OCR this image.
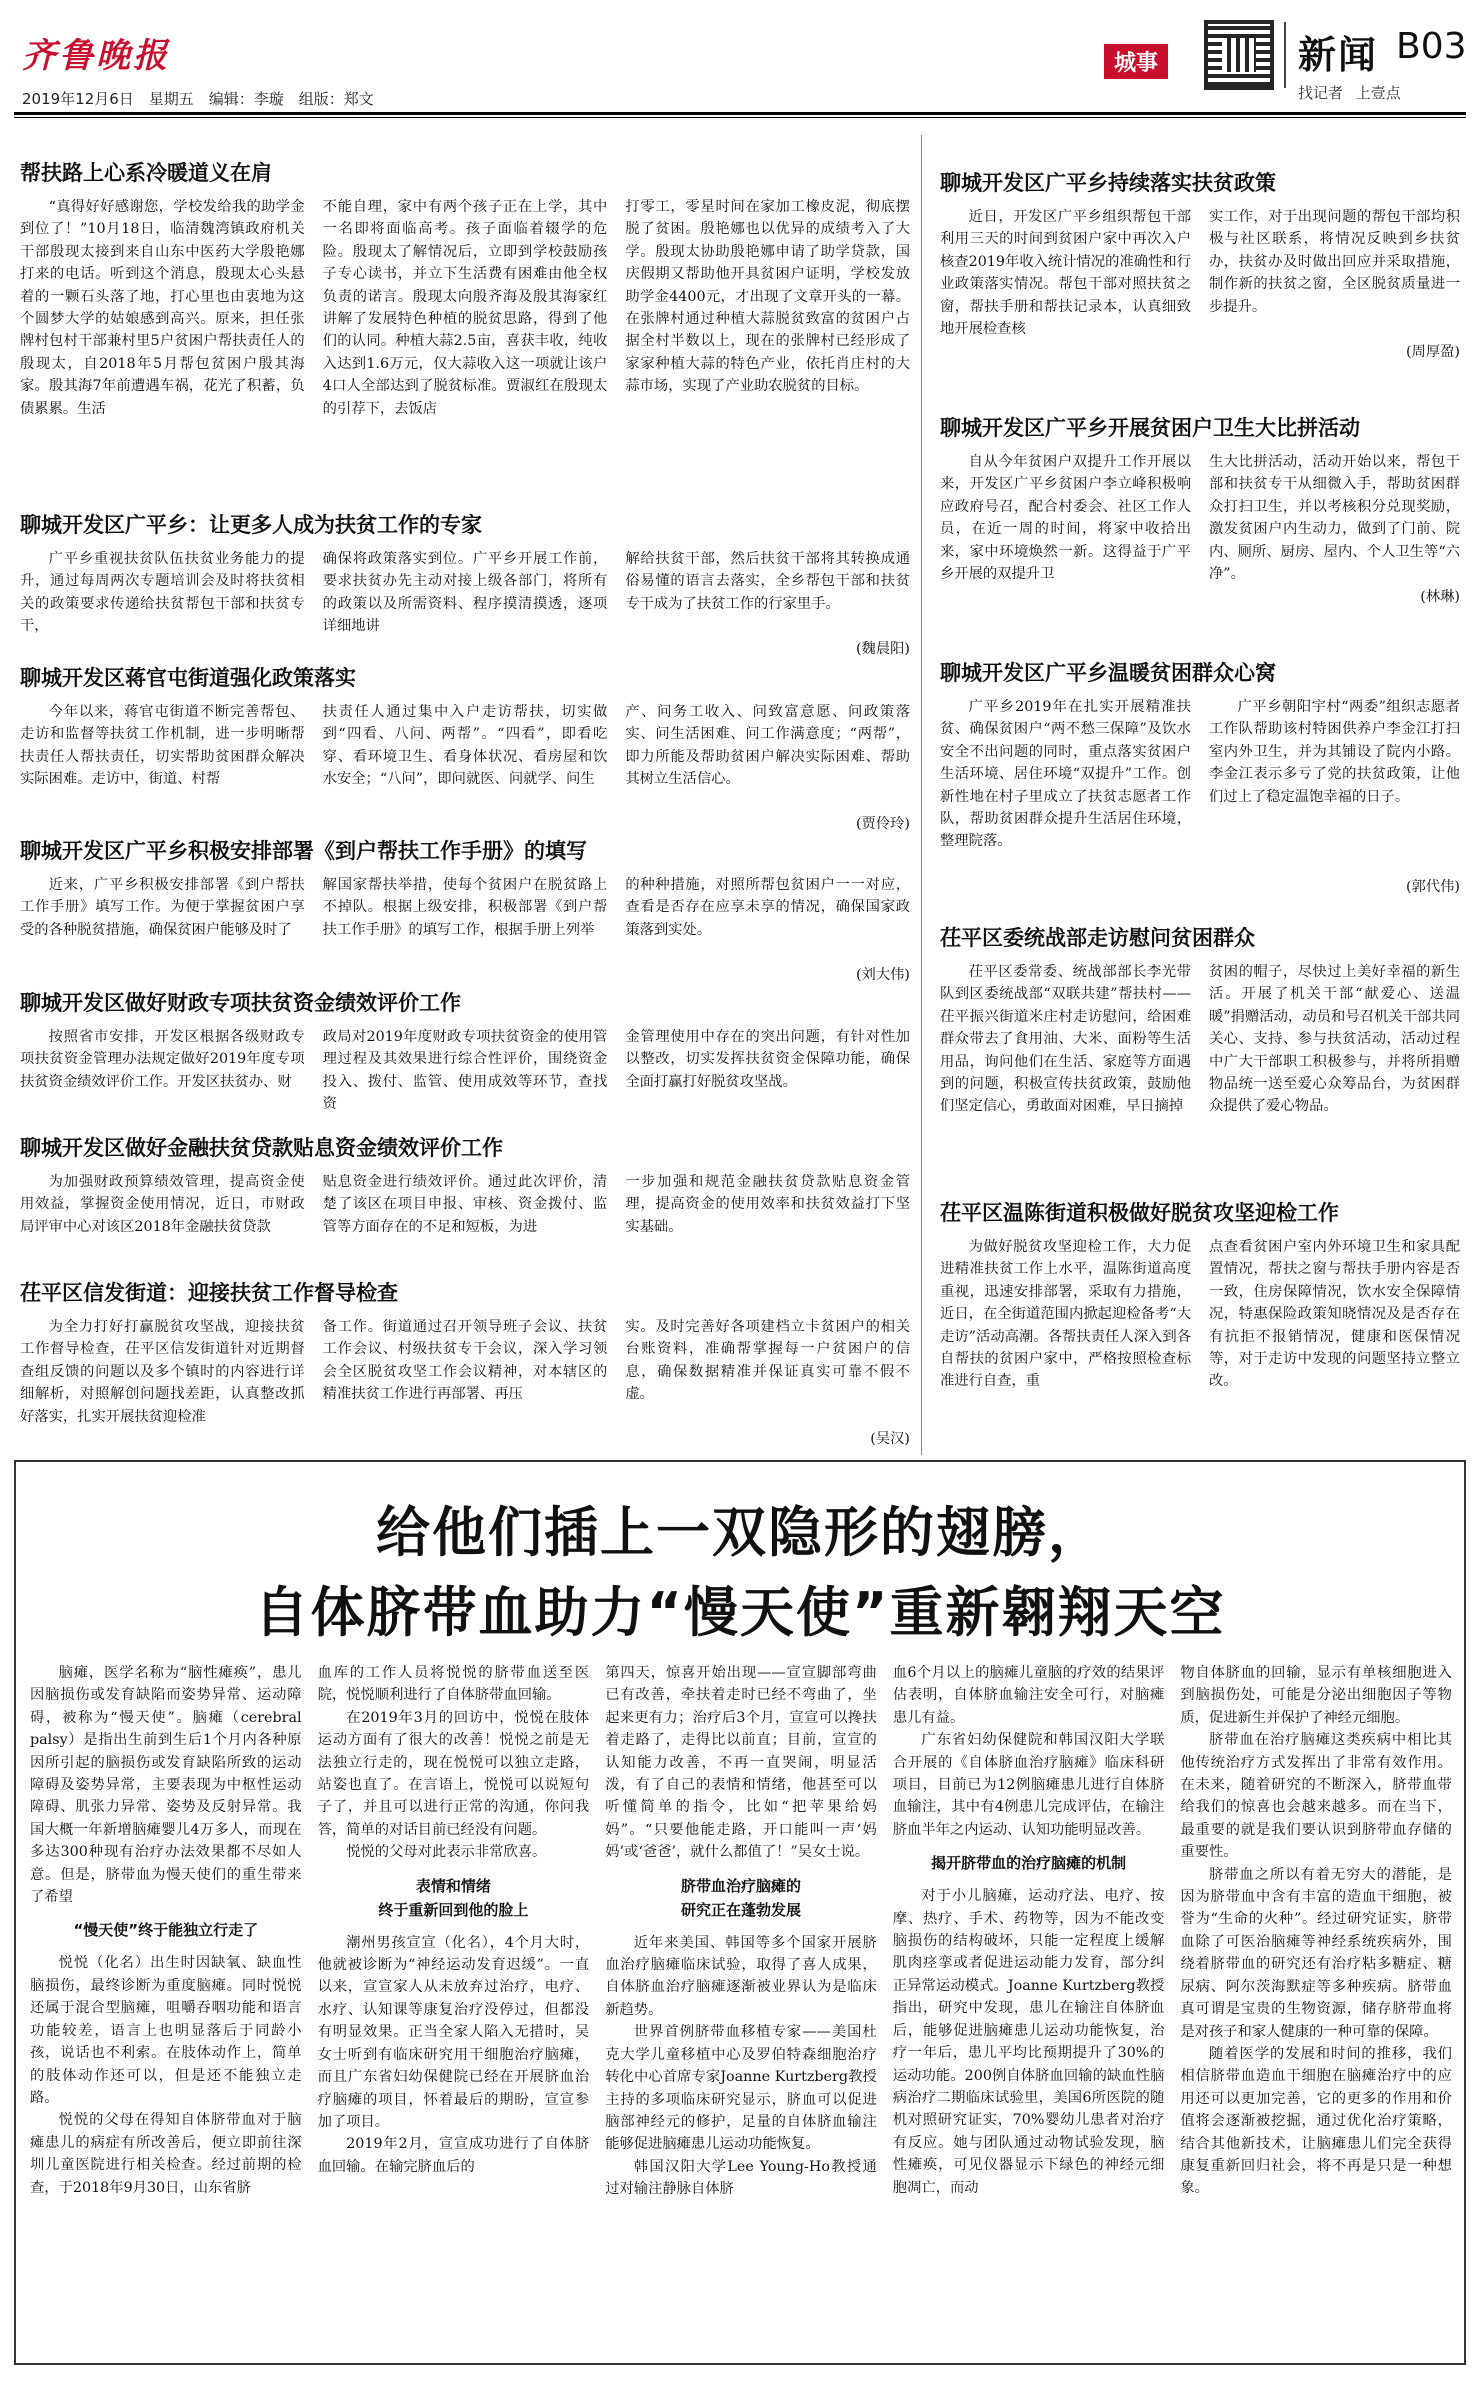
齐鲁晚报
2019年12月6日　星期五　编辑：李璇　组版：郑文
城事	新闻 B03
找记者 上壹点
帮扶路上心系冷暖道义在肩

“真得好好感谢您，学校发给我的助学金到位了！”10月18日，临清魏湾镇政府机关干部殷现太接到来自山东中医药大学殷艳娜打来的电话。听到这个消息，殷现太心头悬着的一颗石头落了地，打心里也由衷地为这个圆梦大学的姑娘感到高兴。原来，担任张牌村包村干部兼村里5户贫困户帮扶责任人的殷现太，自2018年5月帮包贫困户殷其海家。殷其海7年前遭遇车祸，花光了积蓄，负债累累。生活

不能自理，家中有两个孩子正在上学，其中一名即将面临高考。孩子面临着辍学的危险。殷现太了解情况后，立即到学校鼓励孩子专心读书，并立下生活费有困难由他全权负责的诺言。殷现太向殷齐海及殷其海家红讲解了发展特色种植的脱贫思路，得到了他们的认同。种植大蒜2.5亩，喜获丰收，纯收入达到1.6万元，仅大蒜收入这一项就让该户4口人全部达到了脱贫标准。贾淑红在殷现太的引荐下，去饭店

打零工，零星时间在家加工橡皮泥，彻底摆脱了贫困。殷艳娜也以优异的成绩考入了大学。殷现太协助殷艳娜申请了助学贷款，国庆假期又帮助他开具贫困户证明，学校发放助学金4400元，才出现了文章开头的一幕。在张牌村通过种植大蒜脱贫致富的贫困户占据全村半数以上，现在的张牌村已经形成了家家种植大蒜的特色产业，依托肖庄村的大蒜市场，实现了产业助农脱贫的目标。

聊城开发区广平乡：让更多人成为扶贫工作的专家

广平乡重视扶贫队伍扶贫业务能力的提升，通过每周两次专题培训会及时将扶贫相关的政策要求传递给扶贫帮包干部和扶贫专干，

确保将政策落实到位。广平乡开展工作前，要求扶贫办先主动对接上级各部门，将所有的政策以及所需资料、程序摸清摸透，逐项详细地讲

解给扶贫干部，然后扶贫干部将其转换成通俗易懂的语言去落实，全乡帮包干部和扶贫专干成为了扶贫工作的行家里手。

(魏晨阳)
聊城开发区蒋官屯街道强化政策落实

今年以来，蒋官屯街道不断完善帮包、走访和监督等扶贫工作机制，进一步明晰帮扶责任人帮扶责任，切实帮助贫困群众解决实际困难。走访中，街道、村帮

扶责任人通过集中入户走访帮扶，切实做到“四看、八问、两帮”。“四看”，即看吃穿、看环境卫生、看身体状况、看房屋和饮水安全；“八问”，即问就医、问就学、问生

产、问务工收入、问致富意愿、问政策落实、问生活困难、问工作满意度；“两帮”，即力所能及帮助贫困户解决实际困难、帮助其树立生活信心。

(贾伶玲)
聊城开发区广平乡积极安排部署《到户帮扶工作手册》的填写

近来，广平乡积极安排部署《到户帮扶工作手册》填写工作。为便于掌握贫困户享受的各种脱贫措施，确保贫困户能够及时了

解国家帮扶举措，使每个贫困户在脱贫路上不掉队。根据上级安排，积极部署《到户帮扶工作手册》的填写工作，根据手册上列举

的种种措施，对照所帮包贫困户一一对应，查看是否存在应享未享的情况，确保国家政策落到实处。

(刘大伟)
聊城开发区做好财政专项扶贫资金绩效评价工作

按照省市安排，开发区根据各级财政专项扶贫资金管理办法规定做好2019年度专项扶贫资金绩效评价工作。开发区扶贫办、财

政局对2019年度财政专项扶贫资金的使用管理过程及其效果进行综合性评价，围绕资金投入、拨付、监管、使用成效等环节，查找资

金管理使用中存在的突出问题，有针对性加以整改，切实发挥扶贫资金保障功能，确保全面打赢打好脱贫攻坚战。

聊城开发区做好金融扶贫贷款贴息资金绩效评价工作

为加强财政预算绩效管理，提高资金使用效益，掌握资金使用情况，近日，市财政局评审中心对该区2018年金融扶贫贷款

贴息资金进行绩效评价。通过此次评价，清楚了该区在项目申报、审核、资金拨付、监管等方面存在的不足和短板，为进

一步加强和规范金融扶贫贷款贴息资金管理，提高资金的使用效率和扶贫效益打下坚实基础。

茌平区信发街道：迎接扶贫工作督导检查

为全力打好打赢脱贫攻坚战，迎接扶贫工作督导检查，茌平区信发街道针对近期督查组反馈的问题以及多个镇时的内容进行详细解析，对照解创问题找差距，认真整改抓好落实，扎实开展扶贫迎检准

备工作。街道通过召开领导班子会议、扶贫工作会议、村级扶贫专干会议，深入学习领会全区脱贫攻坚工作会议精神，对本辖区的精准扶贫工作进行再部署、再压

实。及时完善好各项建档立卡贫困户的相关台账资料，准确帮掌握每一户贫困户的信息，确保数据精准并保证真实可靠不假不虚。

(吴汉)
聊城开发区广平乡持续落实扶贫政策

近日，开发区广平乡组织帮包干部利用三天的时间到贫困户家中再次入户核查2019年收入统计情况的准确性和行业政策落实情况。帮包干部对照扶贫之窗，帮扶手册和帮扶记录本，认真细致地开展检查核

实工作，对于出现问题的帮包干部均积极与社区联系，将情况反映到乡扶贫办，扶贫办及时做出回应并采取措施，制作新的扶贫之窗，全区脱贫质量进一步提升。

(周厚盈)
聊城开发区广平乡开展贫困户卫生大比拼活动

自从今年贫困户双提升工作开展以来，开发区广平乡贫困户李立峰积极响应政府号召，配合村委会、社区工作人员，在近一周的时间，将家中收拾出来，家中环境焕然一新。这得益于广平乡开展的双提升卫

生大比拼活动，活动开始以来，帮包干部和扶贫专干从细微入手，帮助贫困群众打扫卫生，并以考核积分兑现奖励，激发贫困户内生动力，做到了门前、院内、厕所、厨房、屋内、个人卫生等“六净”。

(林琳)
聊城开发区广平乡温暖贫困群众心窝

广平乡2019年在扎实开展精准扶贫、确保贫困户“两不愁三保障”及饮水安全不出问题的同时，重点落实贫困户生活环境、居住环境“双提升”工作。创新性地在村子里成立了扶贫志愿者工作队，帮助贫困群众提升生活居住环境，整理院落。

广平乡朝阳宇村“两委”组织志愿者工作队帮助该村特困供养户李金江打扫室内外卫生，并为其铺设了院内小路。李金江表示多亏了党的扶贫政策，让他们过上了稳定温饱幸福的日子。

(郭代伟)
茌平区委统战部走访慰问贫困群众

茌平区委常委、统战部部长李光带队到区委统战部“双联共建”帮扶村——茌平振兴街道米庄村走访慰问，给困难群众带去了食用油、大米、面粉等生活用品，询问他们在生活、家庭等方面遇到的问题，积极宣传扶贫政策，鼓励他们坚定信心，勇敢面对困难，早日摘掉

贫困的帽子，尽快过上美好幸福的新生活。开展了机关干部“献爱心、送温暖”捐赠活动，动员和号召机关干部共同关心、支持、参与扶贫活动，活动过程中广大干部职工积极参与，并将所捐赠物品统一送至爱心众筹品台，为贫困群众提供了爱心物品。

茌平区温陈街道积极做好脱贫攻坚迎检工作

为做好脱贫攻坚迎检工作，大力促进精准扶贫工作上水平，温陈街道高度重视，迅速安排部署，采取有力措施，近日，在全街道范围内掀起迎检备考“大走访”活动高潮。各帮扶责任人深入到各自帮扶的贫困户家中，严格按照检查标准进行自查，重

点查看贫困户室内外环境卫生和家具配置情况，帮扶之窗与帮扶手册内容是否一致，住房保障情况，饮水安全保障情况，特惠保险政策知晓情况及是否存在有抗拒不报销情况，健康和医保情况等，对于走访中发现的问题坚持立整立改。

给他们插上一双隐形的翅膀，
自体脐带血助力“慢天使”重新翱翔天空

脑瘫，医学名称为“脑性瘫痪”，患儿因脑损伤或发育缺陷而姿势异常、运动障碍，被称为“慢天使”。脑瘫（cerebral palsy）是指出生前到生后1个月内各种原因所引起的脑损伤或发育缺陷所致的运动障碍及姿势异常，主要表现为中枢性运动障碍、肌张力异常、姿势及反射异常。我国大概一年新增脑瘫婴儿4万多人，而现在多达300种现有治疗办法效果都不尽如人意。但是，脐带血为慢天使们的重生带来了希望

“慢天使”终于能独立行走了

悦悦（化名）出生时因缺氧、缺血性脑损伤，最终诊断为重度脑瘫。同时悦悦还属于混合型脑瘫，咀嚼吞咽功能和语言功能较差，语言上也明显落后于同龄小孩，说话也不利索。在肢体动作上，简单的肢体动作还可以，但是还不能独立走路。

悦悦的父母在得知自体脐带血对于脑瘫患儿的病症有所改善后，便立即前往深圳儿童医院进行相关检查。经过前期的检查，于2018年9月30日，山东省脐

血库的工作人员将悦悦的脐带血送至医院，悦悦顺利进行了自体脐带血回输。

在2019年3月的回访中，悦悦在肢体运动方面有了很大的改善！悦悦之前是无法独立行走的，现在悦悦可以独立走路，站姿也直了。在言语上，悦悦可以说短句子了，并且可以进行正常的沟通，你问我答，简单的对话目前已经没有问题。

悦悦的父母对此表示非常欣喜。

表情和情绪
终于重新回到他的脸上

潮州男孩宣宣（化名），4个月大时，他就被诊断为“神经运动发育迟缓”。一直以来，宣宣家人从未放弃过治疗，电疗、水疗、认知课等康复治疗没停过，但都没有明显效果。正当全家人陷入无措时，吴女士听到有临床研究用干细胞治疗脑瘫，而且广东省妇幼保健院已经在开展脐血治疗脑瘫的项目，怀着最后的期盼，宣宣参加了项目。

2019年2月，宣宣成功进行了自体脐血回输。在输完脐血后的

第四天，惊喜开始出现——宣宣脚部弯曲已有改善，牵扶着走时已经不弯曲了，坐起来更有力；治疗后3个月，宣宣可以搀扶着走路了，走得比以前直；目前，宣宣的认知能力改善，不再一直哭闹，明显活泼，有了自己的表情和情绪，他甚至可以听懂简单的指令，比如“把苹果给妈妈”。“只要他能走路，开口能叫一声‘妈妈’或‘爸爸’，就什么都值了！”吴女士说。

脐带血治疗脑瘫的
研究正在蓬勃发展

近年来美国、韩国等多个国家开展脐血治疗脑瘫临床试验，取得了喜人成果，自体脐血治疗脑瘫逐渐被业界认为是临床新趋势。

世界首例脐带血移植专家——美国杜克大学儿童移植中心及罗伯特森细胞治疗转化中心首席专家Joanne Kurtzberg教授主持的多项临床研究显示，脐血可以促进脑部神经元的修护，足量的自体脐血输注能够促进脑瘫患儿运动功能恢复。

韩国汉阳大学Lee Young-Ho教授通过对输注静脉自体脐

血6个月以上的脑瘫儿童脑的疗效的结果评估表明，自体脐血输注安全可行，对脑瘫患儿有益。

广东省妇幼保健院和韩国汉阳大学联合开展的《自体脐血治疗脑瘫》临床科研项目，目前已为12例脑瘫患儿进行自体脐血输注，其中有4例患儿完成评估，在输注脐血半年之内运动、认知功能明显改善。

揭开脐带血的治疗脑瘫的机制

对于小儿脑瘫，运动疗法、电疗、按摩、热疗、手术、药物等，因为不能改变脑损伤的结构破坏，只能一定程度上缓解肌肉痉挛或者促进运动能力发育，部分纠正异常运动模式。Joanne Kurtzberg教授指出，研究中发现，患儿在输注自体脐血后，能够促进脑瘫患儿运动功能恢复，治疗一年后，患儿平均比预期提升了30%的运动功能。200例自体脐血回输的缺血性脑病治疗二期临床试验里，美国6所医院的随机对照研究证实，70%婴幼儿患者对治疗有反应。她与团队通过动物试验发现，脑性瘫痪，可见仪器显示下绿色的神经元细胞凋亡，而动

物自体脐血的回输，显示有单核细胞进入到脑损伤处，可能是分泌出细胞因子等物质，促进新生并保护了神经元细胞。

脐带血在治疗脑瘫这类疾病中相比其他传统治疗方式发挥出了非常有效作用。在未来，随着研究的不断深入，脐带血带给我们的惊喜也会越来越多。而在当下，最重要的就是我们要认识到脐带血存储的重要性。

脐带血之所以有着无穷大的潜能，是因为脐带血中含有丰富的造血干细胞，被誉为“生命的火种”。经过研究证实，脐带血除了可医治脑瘫等神经系统疾病外，围绕着脐带血的研究还有治疗粘多糖症、糖尿病、阿尔茨海默症等多种疾病。脐带血真可谓是宝贵的生物资源，储存脐带血将是对孩子和家人健康的一种可靠的保障。

随着医学的发展和时间的推移，我们相信脐带血造血干细胞在脑瘫治疗中的应用还可以更加完善，它的更多的作用和价值将会逐渐被挖掘，通过优化治疗策略，结合其他新技术，让脑瘫患儿们完全获得康复重新回归社会，将不再是只是一种想象。
